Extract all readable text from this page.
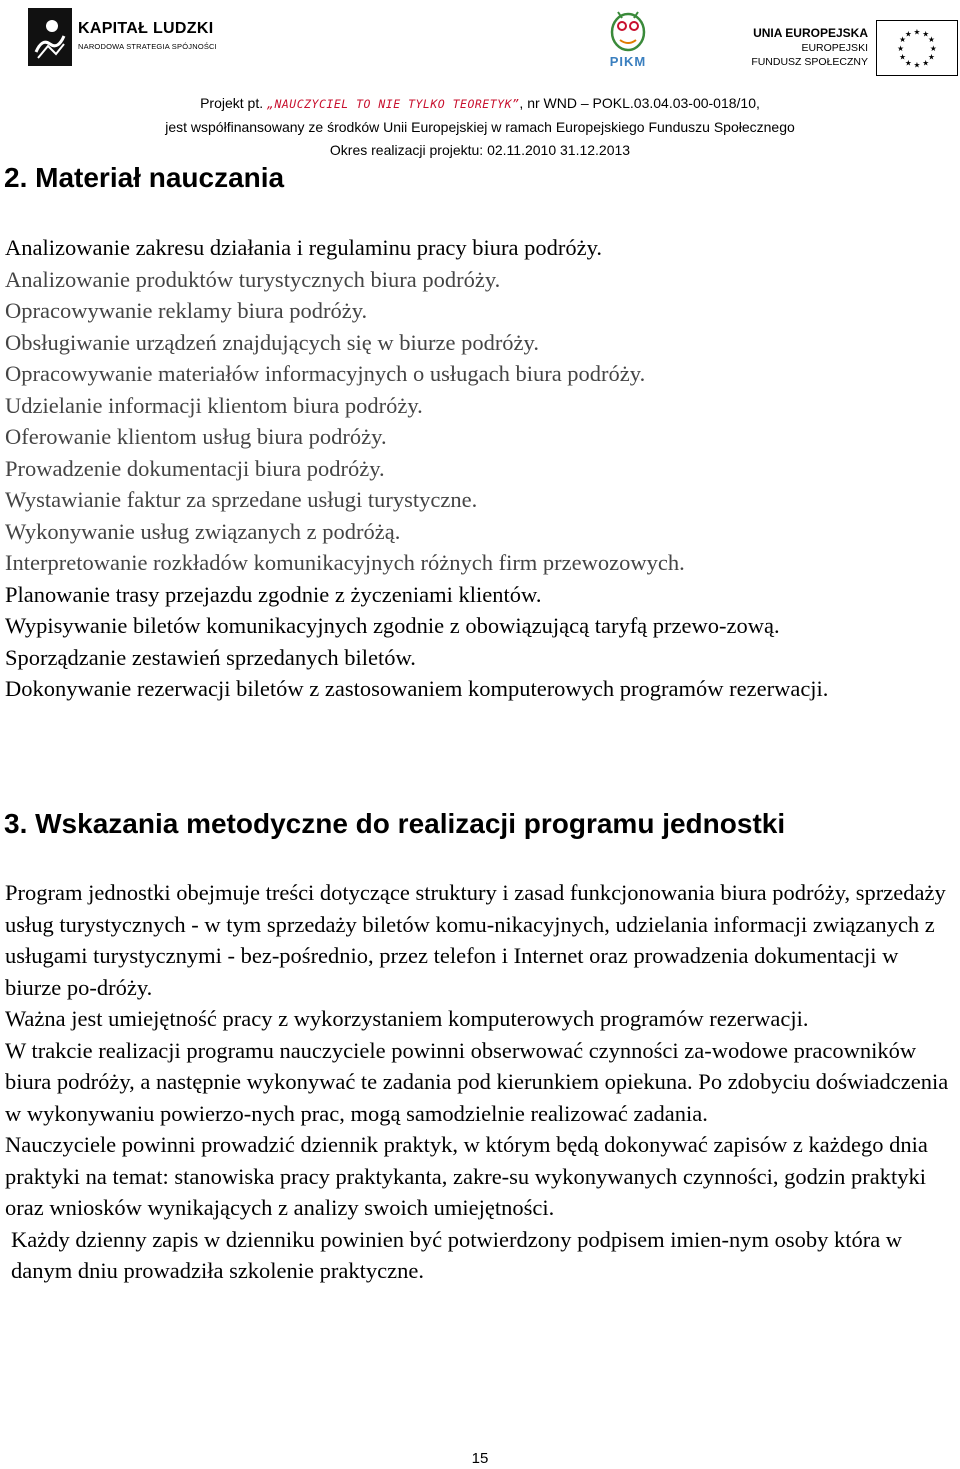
KAPITAŁ LUDZKI
NARODOWA STRATEGIA SPÓJNOŚCI
PIKM
UNIA EUROPEJSKA
EUROPEJSKI
FUNDUSZ SPOŁECZNY
★ ★
★
★
★
★
★
★
★
★
★
★
Projekt pt. „NAUCZYCIEL TO NIE TYLKO TEORETYK”, nr WND – POKL.03.04.03-00-018/10,
jest współfinansowany ze środków Unii Europejskiej w ramach Europejskiego Funduszu Społecznego
Okres realizacji projektu: 02.11.2010 31.12.2013
2. Materiał nauczania
Analizowanie zakresu działania i regulaminu pracy biura podróży.
Analizowanie produktów turystycznych biura podróży.
Opracowywanie reklamy biura podróży.
Obsługiwanie urządzeń znajdujących się w biurze podróży.
Opracowywanie materiałów informacyjnych o usługach biura podróży.
Udzielanie informacji klientom biura podróży.
Oferowanie klientom usług biura podróży.
Prowadzenie dokumentacji biura podróży.
Wystawianie faktur za sprzedane usługi turystyczne.
Wykonywanie usług związanych z podróżą.
Interpretowanie rozkładów komunikacyjnych różnych firm przewozowych.
Planowanie trasy przejazdu zgodnie z życzeniami klientów.
Wypisywanie biletów komunikacyjnych zgodnie z obowiązującą taryfą przewo-zową.
Sporządzanie zestawień sprzedanych biletów.
Dokonywanie rezerwacji biletów z zastosowaniem komputerowych programów rezerwacji.
3. Wskazania metodyczne do realizacji programu jednostki

Program jednostki obejmuje treści dotyczące struktury i zasad funkcjonowania biura podróży, sprzedaży usług turystycznych - w tym sprzedaży biletów komu-nikacyjnych, udzielania informacji związanych z usługami turystycznymi - bez-pośrednio, przez telefon i Internet oraz prowadzenia dokumentacji w biurze po-dróży.

Ważna jest umiejętność pracy z wykorzystaniem komputerowych programów rezerwacji.

W trakcie realizacji programu nauczyciele powinni obserwować czynności za-wodowe pracowników biura podróży, a następnie wykonywać te zadania pod kierunkiem opiekuna. Po zdobyciu doświadczenia w wykonywaniu powierzo-nych prac, mogą samodzielnie realizować zadania.

Nauczyciele powinni prowadzić dziennik praktyk, w którym będą dokonywać zapisów z każdego dnia praktyki na temat: stanowiska pracy praktykanta, zakre-su wykonywanych czynności, godzin praktyki oraz wniosków wynikających z analizy swoich umiejętności.

Każdy dzienny zapis w dzienniku powinien być potwierdzony podpisem imien-nym osoby która w danym dniu prowadziła szkolenie praktyczne.

15
